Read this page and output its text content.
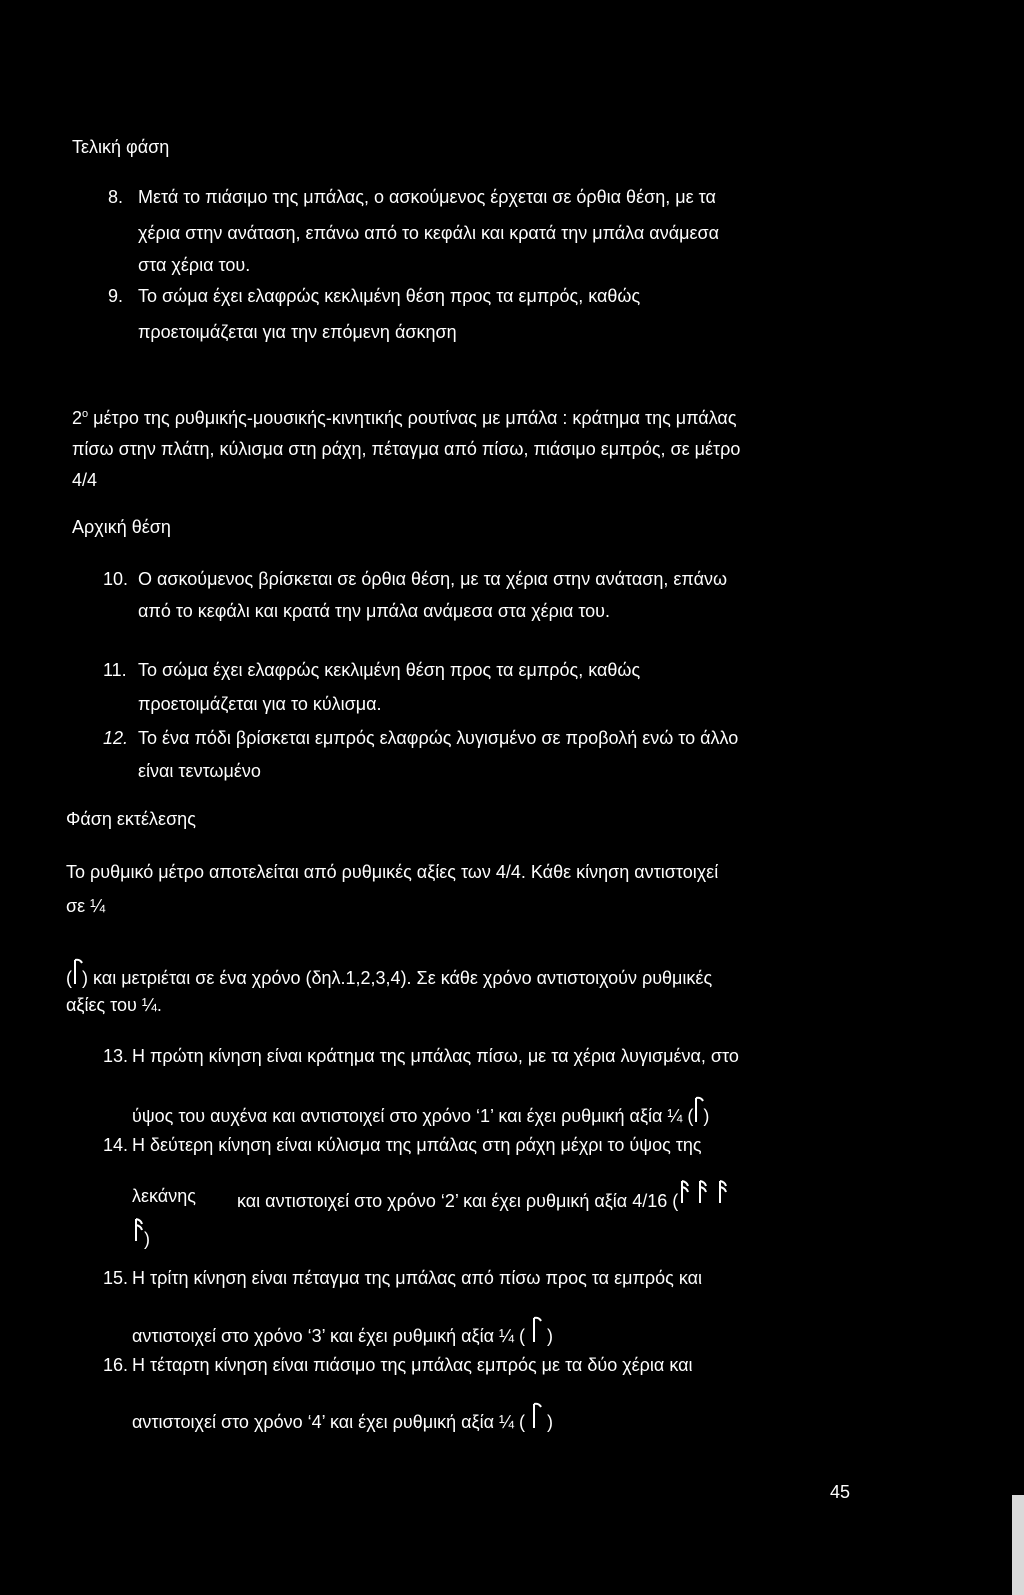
Τελική φάση
8. Μετά το πιάσιμο της μπάλας, ο ασκούμενος έρχεται σε όρθια θέση, με τα
χέρια στην ανάταση, επάνω από το κεφάλι και κρατά την μπάλα ανάμεσα
στα χέρια του.
9. Το σώμα έχει ελαφρώς κεκλιμένη θέση προς τα εμπρός, καθώς
προετοιμάζεται για την επόμενη άσκηση
$2^o$ μέτρο της ρυθμικής-μουσικής-κινητικής ρουτίνας με μπάλα : κράτημα της μπάλας
πίσω στην πλάτη, κύλισμα στη ράχη, πέταγμα από πίσω, πιάσιμο εμπρός, σε μέτρο
4/4
Αρχική θέση
10. Ο ασκούμενος βρίσκεται σε όρθια θέση, με τα χέρια στην ανάταση, επάνω
από το κεφάλι και κρατά την μπάλα ανάμεσα στα χέρια του.
11. Το σώμα έχει ελαφρώς κεκλιμένη θέση προς τα εμπρός, καθώς
προετοιμάζεται για το κύλισμα.
12. Το ένα πόδι βρίσκεται εμπρός ελαφρώς λυγισμένο σε προβολή ενώ το άλλο
είναι τεντωμένο
Φάση εκτέλεσης
Το ρυθμικό μέτρο αποτελείται από ρυθμικές αξίες των 4/4. Κάθε κίνηση αντιστοιχεί
σε ¼
( ) και μετριέται σε ένα χρόνο (δηλ.1,2,3,4). Σε κάθε χρόνο αντιστοιχούν ρυθμικές
αξίες του ¼.
13. Η πρώτη κίνηση είναι κράτημα της μπάλας πίσω, με τα χέρια λυγισμένα, στο
ύψος του αυχένα και αντιστοιχεί στο χρόνο ‘1’ και έχει ρυθμική αξία ¼ ( )
14. Η δεύτερη κίνηση είναι κύλισμα της μπάλας στη ράχη μέχρι το ύψος της
λεκάνης και αντιστοιχεί στο χρόνο ‘2’ και έχει ρυθμική αξία 4/16 (
)
15. Η τρίτη κίνηση είναι πέταγμα της μπάλας από πίσω προς τα εμπρός και
αντιστοιχεί στο χρόνο ‘3’ και έχει ρυθμική αξία ¼ ( )
16. Η τέταρτη κίνηση είναι πιάσιμο της μπάλας εμπρός με τα δύο χέρια και
αντιστοιχεί στο χρόνο ‘4’ και έχει ρυθμική αξία ¼ ( )
45
